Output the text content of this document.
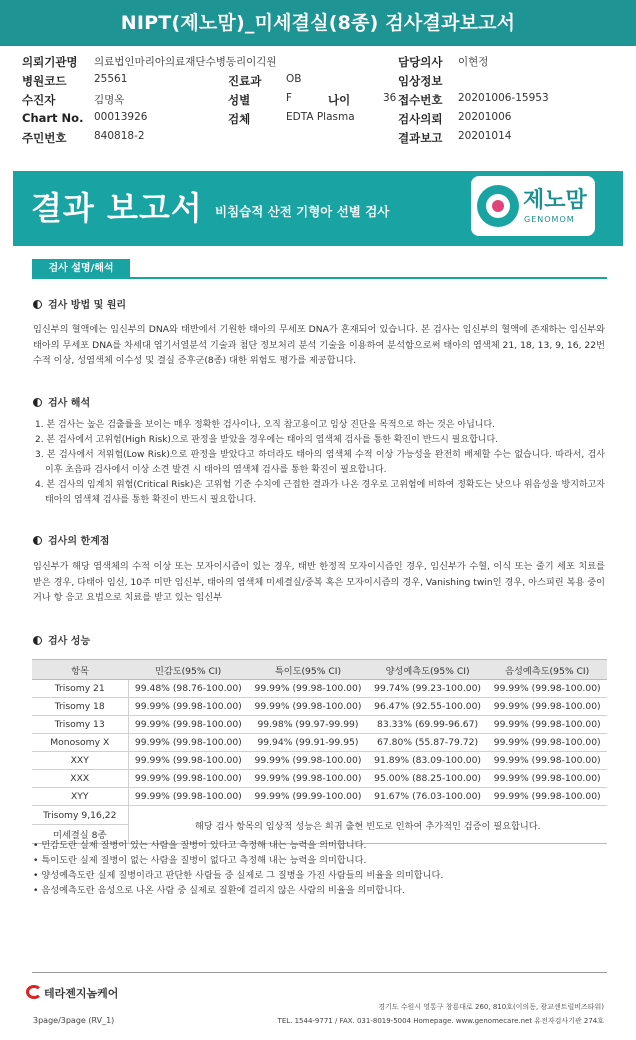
NIPT(제노맘)_미세결실(8종) 검사결과보고서
의뢰기관명 의료법인마리아의료재단수병동리이긱원	담당의사 이현정
병원코드	25561	진료과 OB	임상정보
수진자	김명옥	성별	F	나이	36 접수번호 20201006-15953
Chart No. 00013926	검체	EDTA Plasma	검사의뢰 20201006
주민번호	840818-2	결과보고 20201014
결과 보고서 비침습적 산전 기형아 선별 검사	제노맘
GENOMOM
검사 설명/해석
검사 방법 및 원리
임신부의 혈액에는 임신부의 DNA와 태반에서 기원한 태아의 무세포 DNA가 혼재되어 있습니다. 본 검사는 임신부의 혈액에 존재하는 임신부와 태아의 무세포 DNA를 차세대 염기서열분석 기술과 첨단 정보처리 분석 기술을 이용하여 분석함으로써 태아의 염색체 21, 18, 13, 9, 16, 22번 수적 이상, 성염색체 이수성 및 결실 증후군(8종) 대한 위험도 평가를 제공합니다.
검사 해석
1. 본 검사는 높은 검출률을 보이는 매우 정확한 검사이나, 오직 참고용이고 임상 진단을 목적으로 하는 것은 아닙니다.
2. 본 검사에서 고위험(High Risk)으로 판정을 받았을 경우에는 태아의 염색체 검사를 통한 확진이 반드시 필요합니다.
3. 본 검사에서 저위험(Low Risk)으로 판정을 받았다고 하더라도 태아의 염색체 수적 이상 가능성을 완전히 배제할 수는 없습니다. 따라서, 검사 이후 초음파 검사에서 이상 소견 발견 시 태아의 염색체 검사를 통한 확진이 필요합니다.
4. 본 검사의 임계치 위험(Critical Risk)은 고위험 기준 수치에 근접한 결과가 나온 경우로 고위험에 비하여 정확도는 낮으나 위음성을 방지하고자 태아의 염색체 검사를 통한 확진이 반드시 필요합니다.
검사의 한계점
임신부가 해당 염색체의 수적 이상 또는 모자이시즘이 있는 경우, 태반 한정적 모자이시즘인 경우, 임신부가 수혈, 이식 또는 줄기 세포 치료를 받은 경우, 다태아 임신, 10주 미만 임신부, 태아의 염색체 미세결실/중복 혹은 모자이시즘의 경우, Vanishing twin인 경우, 아스피린 복용 중이거나 항 응고 요법으로 치료를 받고 있는 임신부
검사 성능
항목	민감도(95% CI)	특이도(95% CI)	양성예측도(95% CI)	음성예측도(95% CI)
Trisomy 21	99.48% (98.76-100.00)	99.99% (99.98-100.00)	99.74% (99.23-100.00)	99.99% (99.98-100.00)
Trisomy 18	99.99% (99.98-100.00)	99.99% (99.98-100.00)	96.47% (92.55-100.00)	99.99% (99.98-100.00)
Trisomy 13	99.99% (99.98-100.00)	99.98% (99.97-99.99)	83.33% (69.99-96.67)	99.99% (99.98-100.00)
Monosomy X	99.99% (99.98-100.00)	99.94% (99.91-99.95)	67.80% (55.87-79.72)	99.99% (99.98-100.00)
XXY	99.99% (99.98-100.00)	99.99% (99.98-100.00)	91.89% (83.09-100.00)	99.99% (99.98-100.00)
XXX	99.99% (99.98-100.00)	99.99% (99.98-100.00)	95.00% (88.25-100.00)	99.99% (99.98-100.00)
XYY	99.99% (99.98-100.00)	99.99% (99.99-100.00)	91.67% (76.03-100.00)	99.99% (99.98-100.00)
Trisomy 9,16,22	해당 검사 항목의 임상적 성능은 희귀 출현 빈도로 인하여 추가적인 검증이 필요합니다.			
미세결실 8종				
• 민감도란 실제 질병이 있는 사람을 질병이 있다고 측정해 내는 능력을 의미합니다.
• 특이도란 실제 질병이 없는 사람을 질병이 없다고 측정해 내는 능력을 의미합니다.
• 양성예측도란 실제 질병이라고 판단한 사람들 중 실제로 그 질병을 가진 사람들의 비율을 의미합니다.
• 음성예측도란 음성으로 나온 사람 중 실제로 질환에 걸리지 않은 사람의 비율을 의미합니다.
테라젠지놈케어
경기도 수원시 영통구 창룡대로 260, 810호(이의동, 광교센트럴비즈타워)
TEL. 1544-9771 / FAX. 031-8019-5004 Homepage. www.genomecare.net 유전자검사기관 274호
3page/3page (RV_1)
